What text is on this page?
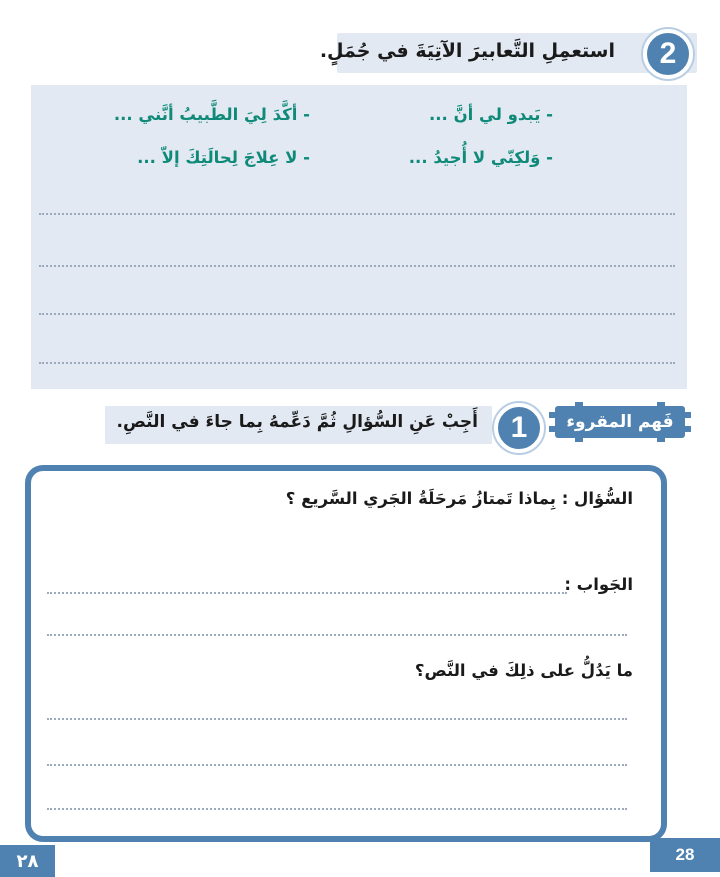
استعمِلِ التَّعابيرَ الآتِيَةَ في جُمَلٍ.	2
- يَبدو لي أنَّ ...
- أكَّدَ لِيَ الطَّبيبُ أنَّني ...
- وَلكِنّي لا أُجيدُ ...
- لا عِلاجَ لِحالَتِكَ إلاّ ...
أَجِبْ عَنِ السُّؤالِ ثُمَّ دَعِّمهُ بِما جاءَ في النَّصِ.	1	فَهم المقروء
السُّؤال : بِماذا تَمتازُ مَرحَلَةُ الجَري السَّريع ؟
الجَواب :
ما يَدُلُّ على ذلِكَ في النَّص؟
٢٨	28
